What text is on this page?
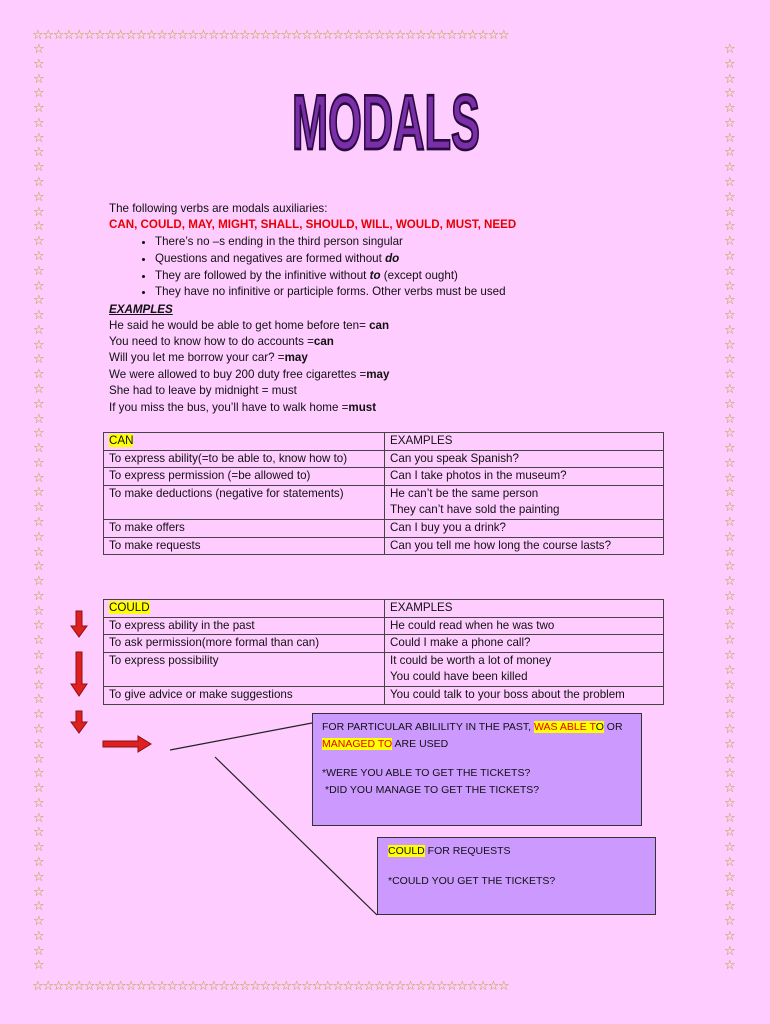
☆☆☆☆☆☆☆☆☆☆☆☆☆☆☆☆☆☆☆☆☆☆☆☆☆☆☆☆☆☆☆☆☆☆☆☆☆☆☆☆☆☆☆☆☆☆
☆☆☆☆☆☆☆☆☆☆☆☆☆☆☆☆☆☆☆☆☆☆☆☆☆☆☆☆☆☆☆☆☆☆☆☆☆☆☆☆☆☆☆☆☆☆
☆
☆
☆
☆
☆
☆
☆
☆
☆
☆
☆
☆
☆
☆
☆
☆
☆
☆
☆
☆
☆
☆
☆
☆
☆
☆
☆
☆
☆
☆
☆
☆
☆
☆
☆
☆
☆
☆
☆
☆
☆
☆
☆
☆
☆
☆
☆
☆
☆
☆
☆
☆
☆
☆
☆
☆
☆
☆
☆
☆
☆
☆
☆
☆
☆
☆
☆
☆
☆
☆
☆
☆
☆
☆
☆
☆
☆
☆
☆
☆
☆
☆
☆
☆
☆
☆
☆
☆
☆
☆
☆
☆
☆
☆
☆
☆
☆
☆
☆
☆
☆
☆
☆
☆
☆
☆
☆
☆
☆
☆
☆
☆
☆
☆
☆
☆
☆
☆
☆
☆
☆
☆
☆
☆
☆
☆
MODALS
The following verbs are modals auxiliaries:
CAN, COULD, MAY, MIGHT, SHALL, SHOULD, WILL, WOULD, MUST, NEED
• There’s no –s ending in the third person singular
• Questions and negatives are formed without do
• They are followed by the infinitive without to (except ought)
• They have no infinitive or participle forms. Other verbs must be used
EXAMPLES
He said he would be able to get home before ten= can
You need to know how to do accounts =can
Will you let me borrow your car? =may
We were allowed to buy 200 duty free cigarettes =may
She had to leave by midnight = must
If you miss the bus, you’ll have to walk home =must
CAN	EXAMPLES
To express ability(=to be able to, know how to)	Can you speak Spanish?
To express permission (=be allowed to)	Can I take photos in the museum?
To make deductions (negative for statements)	He can’t be the same person
They can’t have sold the painting

To make offers	Can I buy you a drink?
To make requests	Can you tell me how long the course lasts?
COULD	EXAMPLES
To express ability in the past	He could read when he was two
To ask permission(more formal than can)	Could I make a phone call?
To express possibility	It could be worth a lot of money
You could have been killed

To give advice or make suggestions	You could talk to your boss about the problem

FOR PARTICULAR ABILILITY IN THE PAST, WAS ABLE TO OR

MANAGED TO ARE USED

*WERE YOU ABLE TO GET THE TICKETS?

*DID YOU MANAGE TO GET THE TICKETS?

COULD FOR REQUESTS

*COULD YOU GET THE TICKETS?
